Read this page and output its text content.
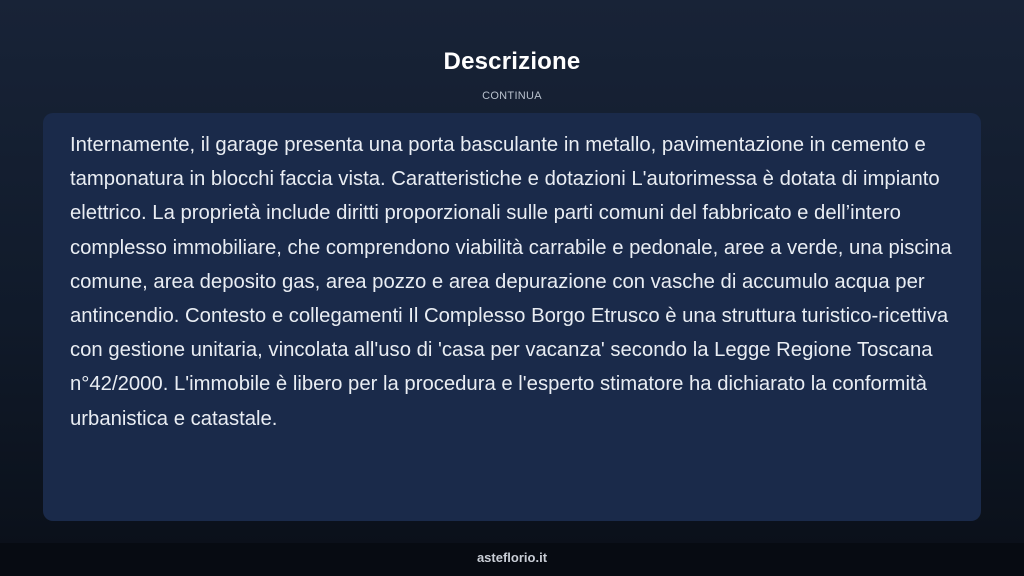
Descrizione
CONTINUA

Internamente, il garage presenta una porta basculante in metallo, pavimentazione in cemento e tamponatura in blocchi faccia vista. Caratteristiche e dotazioni L'autorimessa è dotata di impianto elettrico. La proprietà include diritti proporzionali sulle parti comuni del fabbricato e dell’intero complesso immobiliare, che comprendono viabilità carrabile e pedonale, aree a verde, una piscina comune, area deposito gas, area pozzo e area depurazione con vasche di accumulo acqua per antincendio. Contesto e collegamenti Il Complesso Borgo Etrusco è una struttura turistico-ricettiva con gestione unitaria, vincolata all'uso di 'casa per vacanza' secondo la Legge Regione Toscana n°42/2000. L'immobile è libero per la procedura e l'esperto stimatore ha dichiarato la conformità urbanistica e catastale.

asteflorio.it
